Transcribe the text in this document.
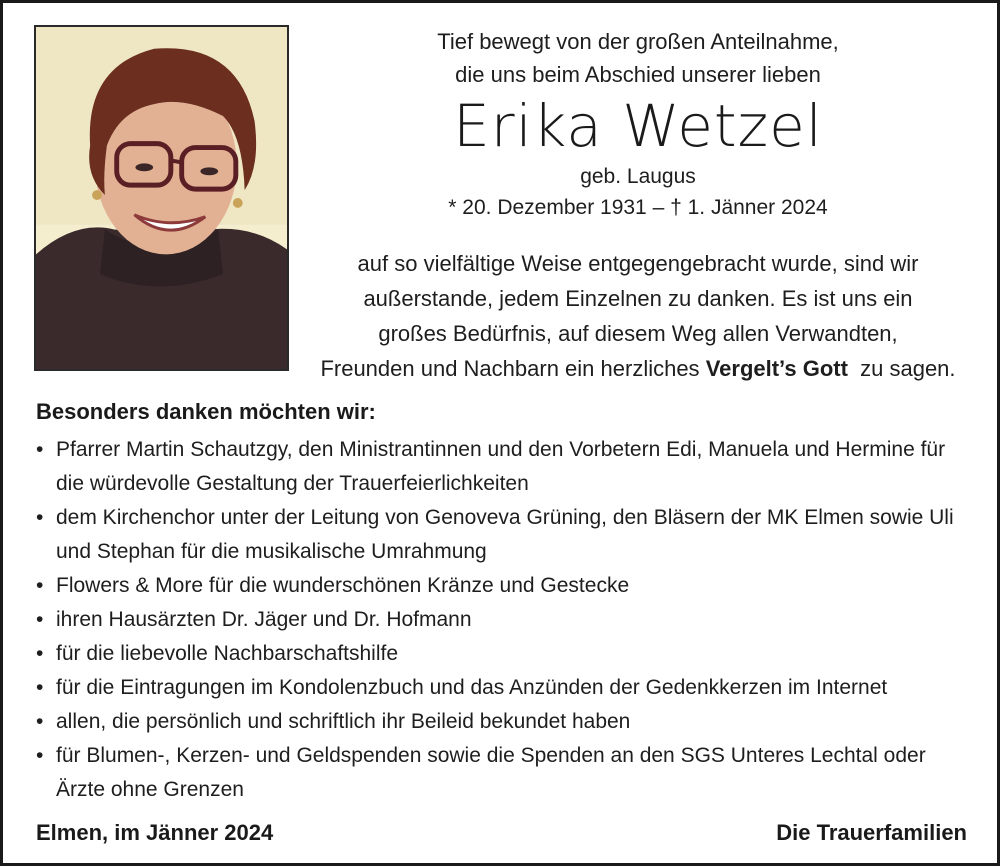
Tief bewegt von der großen Anteilnahme,
die uns beim Abschied unserer lieben
Erika Wetzel
geb. Laugus
* 20. Dezember 1931 – † 1. Jänner 2024
auf so vielfältige Weise entgegengebracht wurde, sind wir
außerstande, jedem Einzelnen zu danken. Es ist uns ein
großes Bedürfnis, auf diesem Weg allen Verwandten,
Freunden und Nachbarn ein herzliches Vergelt’s Gott  zu sagen.
Besonders danken möchten wir:
• Pfarrer Martin Schautzgy, den Ministrantinnen und den Vorbetern Edi, Manuela und Hermine für die würdevolle Gestaltung der Trauerfeierlichkeiten
• dem Kirchenchor unter der Leitung von Genoveva Grüning, den Bläsern der MK Elmen sowie Uli und Stephan für die musikalische Umrahmung
• Flowers & More für die wunderschönen Kränze und Gestecke
• ihren Hausärzten Dr. Jäger und Dr. Hofmann
• für die liebevolle Nachbarschaftshilfe
• für die Eintragungen im Kondolenzbuch und das Anzünden der Gedenkkerzen im Internet
• allen, die persönlich und schriftlich ihr Beileid bekundet haben
• für Blumen-, Kerzen- und Geldspenden sowie die Spenden an den SGS Unteres Lechtal oder Ärzte ohne Grenzen
Elmen, im Jänner 2024	Die Trauerfamilien
